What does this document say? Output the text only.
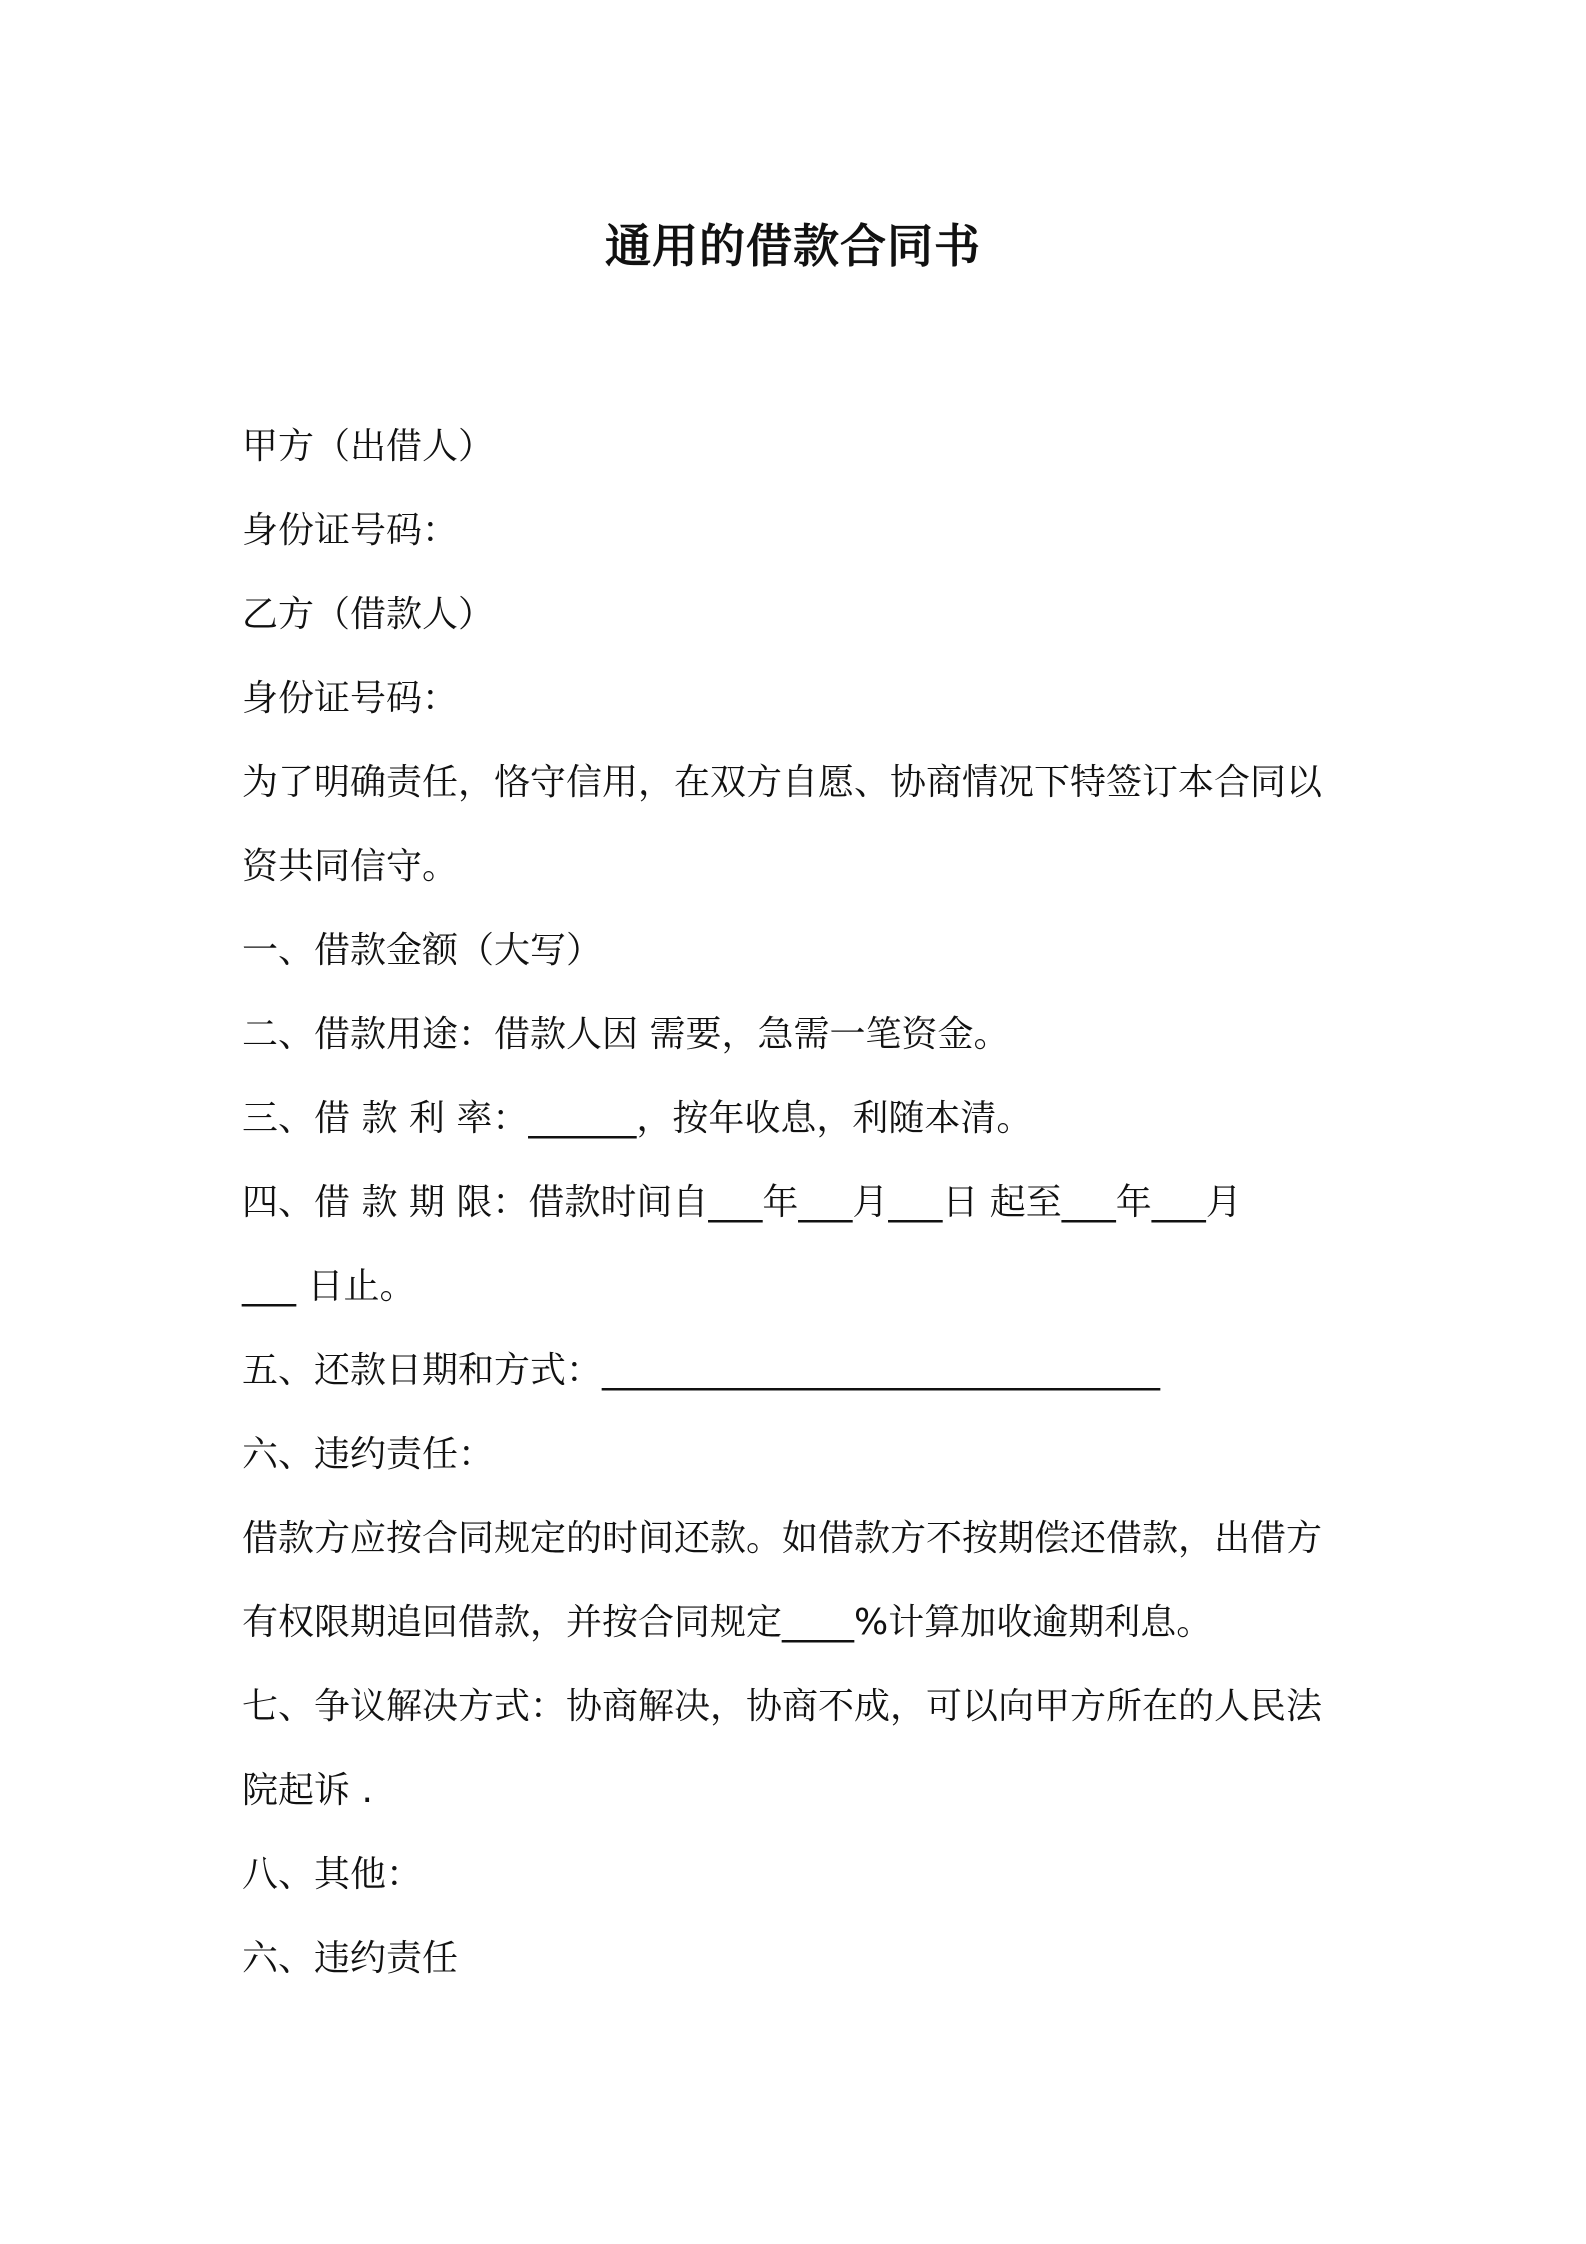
通用的借款合同书
甲方（出借人）
身份证号码：
乙方（借款人）
身份证号码：
为了明确责任，恪守信用，在双方自愿、协商情况下特签订本合同以
资共同信守。
一、借款金额（大写）
二、借款用途：借款人因 需要，急需一笔资金。
三、借 款 利 率：______，按年收息，利随本清。
四、借 款 期 限：借款时间自___年___月___日 起至___年___月
___ 日止。
五、还款日期和方式：_______________________________
六、违约责任：
借款方应按合同规定的时间还款。如借款方不按期偿还借款，出借方
有权限期追回借款，并按合同规定____%计算加收逾期利息。
七、争议解决方式：协商解决，协商不成，可以向甲方所在的人民法
院起诉 .
八、其他：
六、违约责任
